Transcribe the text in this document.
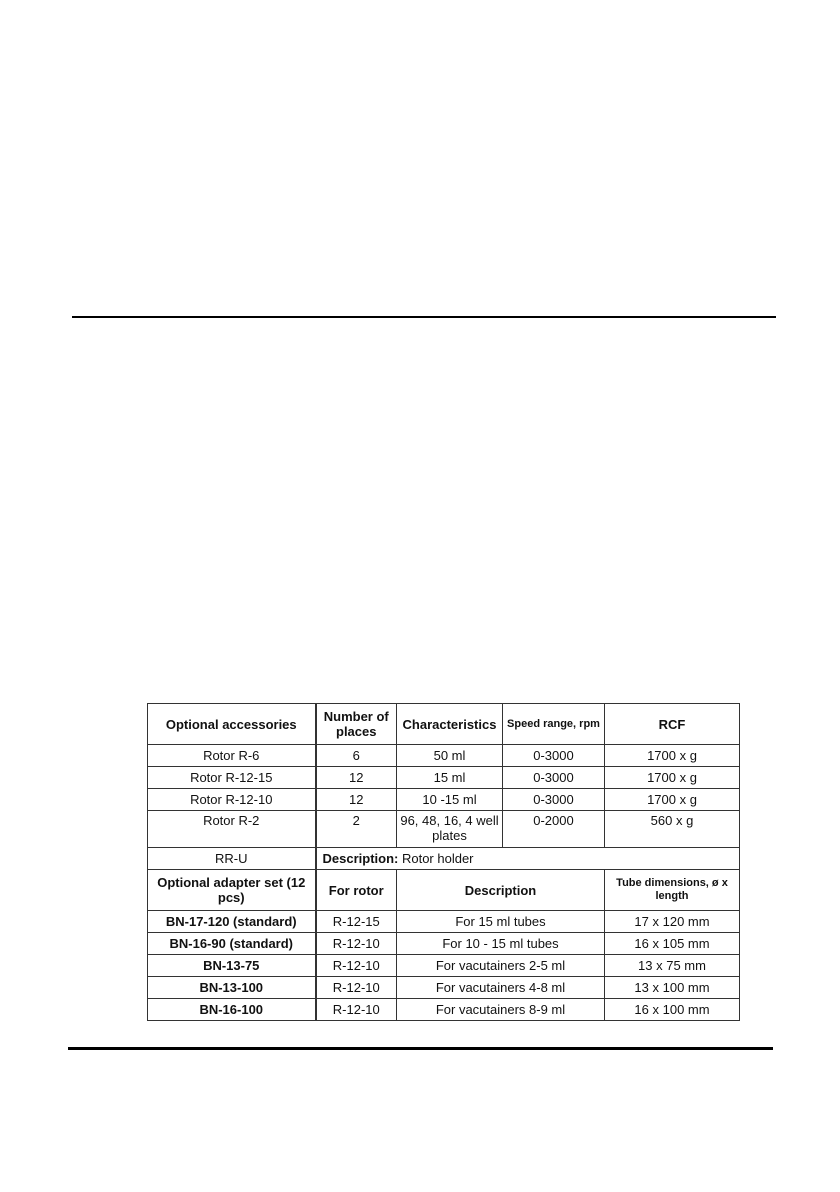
Optional accessories	Number of places	Characteristics	Speed range, rpm	RCF
Rotor R-6	6	50 ml	0-3000	1700 x g
Rotor R-12-15	12	15 ml	0-3000	1700 x g
Rotor R-12-10	12	10 -15 ml	0-3000	1700 x g
Rotor R-2	2	96, 48, 16, 4 well plates	0-2000	560 x g
RR-U	Description: Rotor holder			
Optional adapter set (12 pcs)	For rotor	Description		Tube dimensions, ø x length
BN-17-120 (standard)	R-12-15	For 15 ml tubes		17 x 120 mm
BN-16-90 (standard)	R-12-10	For 10 - 15 ml tubes		16 x 105 mm
BN-13-75	R-12-10	For vacutainers 2-5 ml		13 x 75 mm
BN-13-100	R-12-10	For vacutainers 4-8 ml		13 x 100 mm
BN-16-100	R-12-10	For vacutainers 8-9 ml		16 x 100 mm
